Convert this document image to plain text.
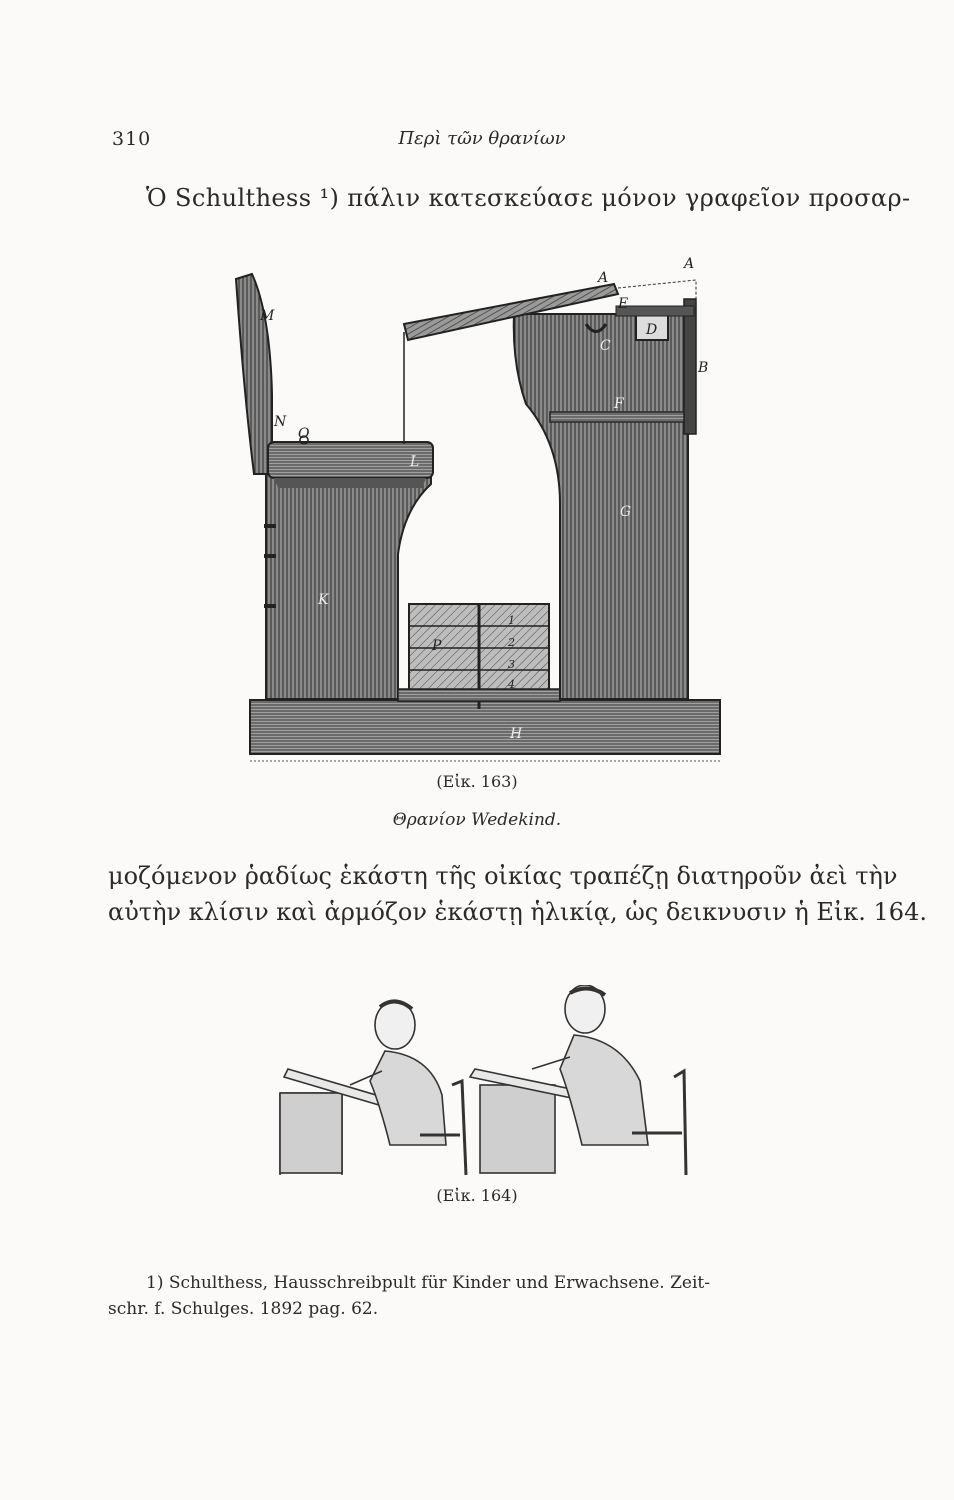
310	Περὶ τῶν θρανίων
Ὁ Schulthess ¹) πάλιν κατεσκεύασε μόνον γραφεῖον προσαρ-
A
A
E
D
C
B
F
M
N
O
L
G
K
P
H
1
2
3
4
(Εἰκ. 163)
Θρανίον Wedekind.
μοζόμενον ῥαδίως ἑκάστη τῆς οἰκίας τραπέζῃ διατηροῦν ἀεὶ τὴν
αὐτὴν κλίσιν καὶ ἁρμόζον ἑκάστῃ ἡλικίᾳ, ὡς δεικνυσιν ἡ Εἰκ. 164.
(Εἰκ. 164)
1) Schulthess, Hausschreibpult für Kinder und Erwachsene. Zeit-
schr. f. Schulges. 1892 pag. 62.
